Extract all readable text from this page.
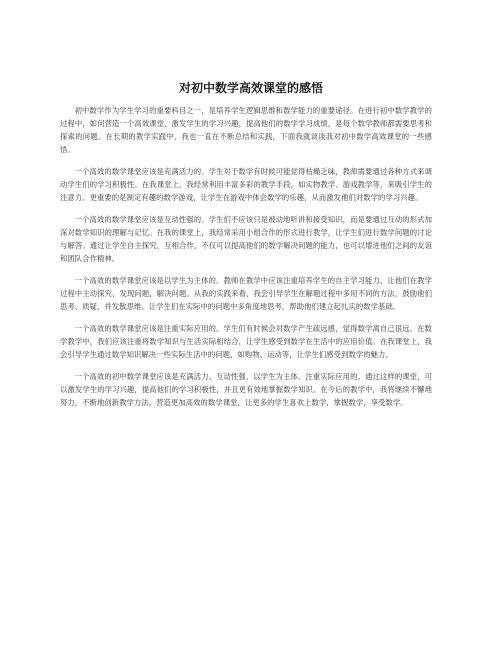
对初中数学高效课堂的感悟

初中数学作为学生学习的重要科目之一，是培养学生逻辑思维和数学能力的重要途径。在进行初中数学教学的过程中，如何营造一个高效课堂，激发学生的学习兴趣，提高他们的数学学习成绩，是每个数学教师都需要思考和探索的问题。在长期的教学实践中，我也一直在不断总结和实践，下面我就谈谈我对初中数学高效课堂的一些感悟。

一个高效的数学课堂应该是充满活力的。学生对于数学有时候可能觉得枯燥乏味，教师需要通过各种方式来调动学生们的学习积极性。在我课堂上，我经常利用丰富多彩的教学手段，如实物教学、游戏教学等，来吸引学生的注意力。更重要的是制定有趣的数学游戏，让学生在游戏中体会数学的乐趣，从而激发他们对数学的学习兴趣。

一个高效的数学课堂应该是互动性强的。学生们不应该只是被动地听讲和接受知识，而是要通过互动的形式加深对数学知识的理解与记忆。在我的课堂上，我经常采用小组合作的形式进行教学，让学生们进行数学问题的讨论与解答。通过让学生自主探究，互相合作，不仅可以提高他们的数学解决问题的能力，也可以增进他们之间的友谊和团队合作精神。

一个高效的数学课堂应该是以学生为主体的。教师在教学中应该注重培养学生的自主学习能力，让他们在教学过程中主动探究，发现问题，解决问题。从我的实践来看，我会引导学生在解题过程中多用不同的方法，鼓励他们思考、质疑，并发散思维。让学生们在实际中的问题中多角度地思考，帮助他们建立起扎实的数学基础。

一个高效的数学课堂应该是注重实际应用的。学生们有时候会对数学产生疏远感，觉得数学离自己很远。在数学教学中，我们应该注重将数学知识与生活实际相结合，让学生感受到数学在生活中的应用价值。在我课堂上，我会引导学生通过数学知识解决一些实际生活中的问题，如购物、运动等，让学生们感受到数学的魅力。

一个高效的初中数学课堂应该是充满活力、互动性强、以学生为主体、注重实际应用的。通过这样的课堂，可以激发学生的学习兴趣，提高他们的学习积极性，并且更有效地掌握数学知识。在今后的教学中，我将继续不懈地努力，不断地创新教学方法，营造更加高效的数学课堂，让更多的学生喜欢上数学，掌握数学，享受数学。
